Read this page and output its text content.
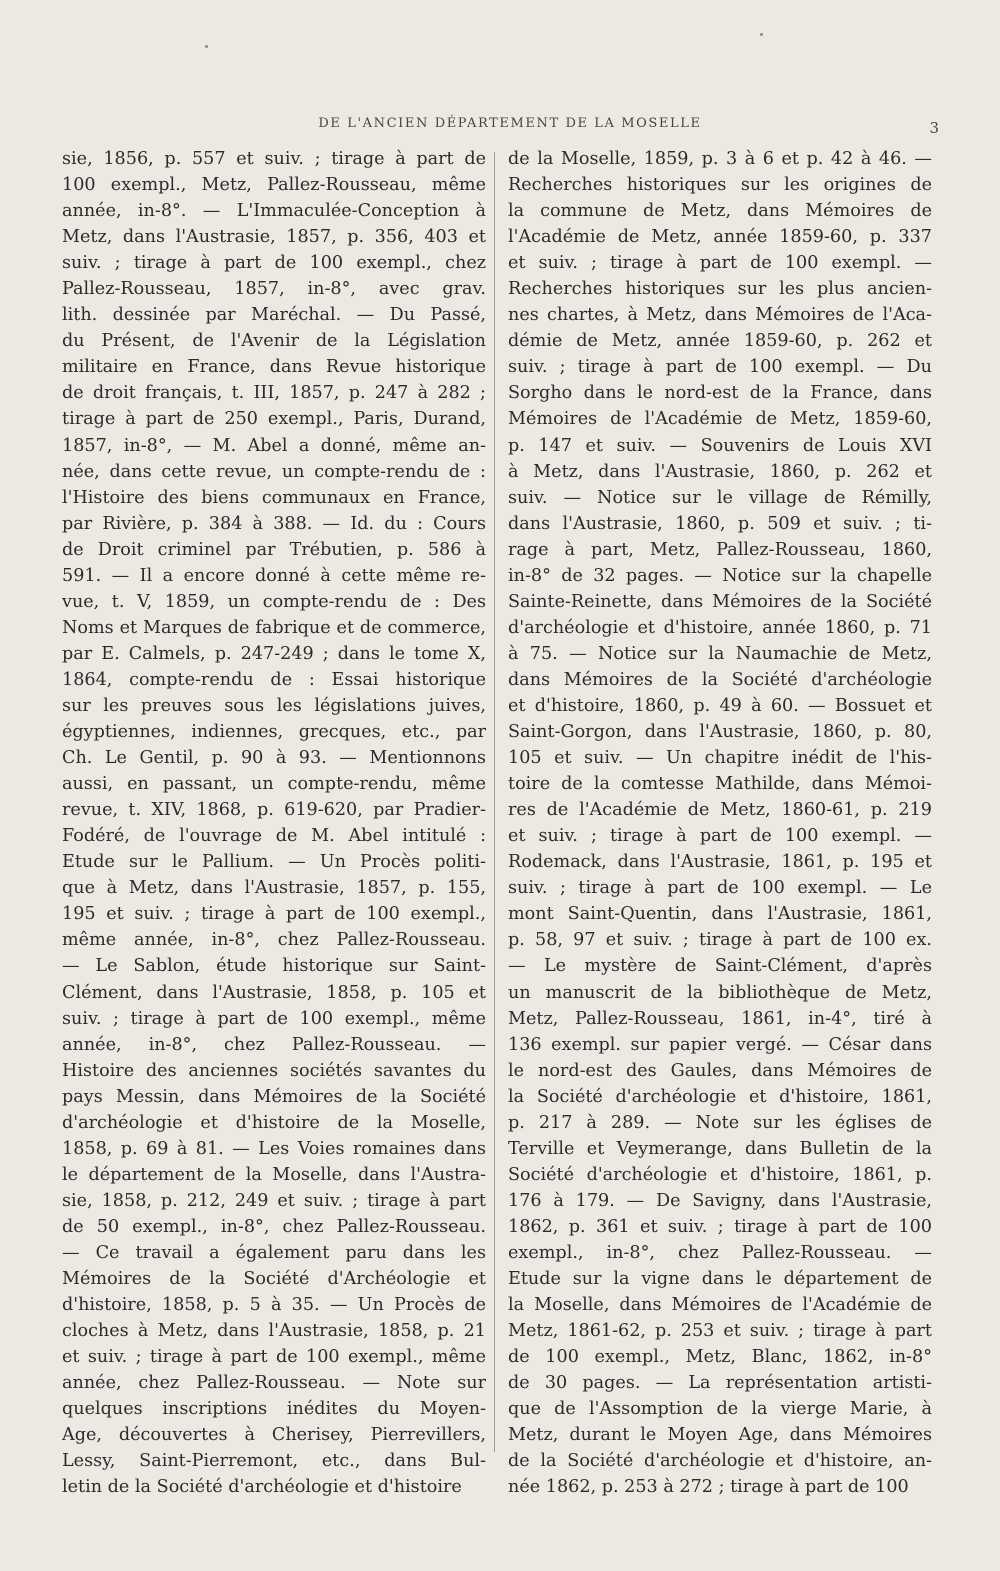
DE L'ANCIEN DÉPARTEMENT DE LA MOSELLE	3
sie, 1856, p. 557 et suiv. ; tirage à part de
100 exempl., Metz, Pallez-Rousseau, même
année, in-8°. — L'Immaculée-Conception à
Metz, dans l'Austrasie, 1857, p. 356, 403 et
suiv. ; tirage à part de 100 exempl., chez
Pallez-Rousseau, 1857, in-8°, avec grav.
lith. dessinée par Maréchal. — Du Passé,
du Présent, de l'Avenir de la Législation
militaire en France, dans Revue historique
de droit français, t. III, 1857, p. 247 à 282 ;
tirage à part de 250 exempl., Paris, Durand,
1857, in-8°, — M. Abel a donné, même an-
née, dans cette revue, un compte-rendu de :
l'Histoire des biens communaux en France,
par Rivière, p. 384 à 388. — Id. du : Cours
de Droit criminel par Trébutien, p. 586 à
591. — Il a encore donné à cette même re-
vue, t. V, 1859, un compte-rendu de : Des
Noms et Marques de fabrique et de commerce,
par E. Calmels, p. 247-249 ; dans le tome X,
1864, compte-rendu de : Essai historique
sur les preuves sous les législations juives,
égyptiennes, indiennes, grecques, etc., par
Ch. Le Gentil, p. 90 à 93. — Mentionnons
aussi, en passant, un compte-rendu, même
revue, t. XIV, 1868, p. 619-620, par Pradier-
Fodéré, de l'ouvrage de M. Abel intitulé :
Etude sur le Pallium. — Un Procès politi-
que à Metz, dans l'Austrasie, 1857, p. 155,
195 et suiv. ; tirage à part de 100 exempl.,
même année, in-8°, chez Pallez-Rousseau.
— Le Sablon, étude historique sur Saint-
Clément, dans l'Austrasie, 1858, p. 105 et
suiv. ; tirage à part de 100 exempl., même
année, in-8°, chez Pallez-Rousseau. —
Histoire des anciennes sociétés savantes du
pays Messin, dans Mémoires de la Société
d'archéologie et d'histoire de la Moselle,
1858, p. 69 à 81. — Les Voies romaines dans
le département de la Moselle, dans l'Austra-
sie, 1858, p. 212, 249 et suiv. ; tirage à part
de 50 exempl., in-8°, chez Pallez-Rousseau.
— Ce travail a également paru dans les
Mémoires de la Société d'Archéologie et
d'histoire, 1858, p. 5 à 35. — Un Procès de
cloches à Metz, dans l'Austrasie, 1858, p. 21
et suiv. ; tirage à part de 100 exempl., même
année, chez Pallez-Rousseau. — Note sur
quelques inscriptions inédites du Moyen-
Age, découvertes à Cherisey, Pierrevillers,
Lessy, Saint-Pierremont, etc., dans Bul-
letin de la Société d'archéologie et d'histoire
de la Moselle, 1859, p. 3 à 6 et p. 42 à 46. —
Recherches historiques sur les origines de
la commune de Metz, dans Mémoires de
l'Académie de Metz, année 1859-60, p. 337
et suiv. ; tirage à part de 100 exempl. —
Recherches historiques sur les plus ancien-
nes chartes, à Metz, dans Mémoires de l'Aca-
démie de Metz, année 1859-60, p. 262 et
suiv. ; tirage à part de 100 exempl. — Du
Sorgho dans le nord-est de la France, dans
Mémoires de l'Académie de Metz, 1859-60,
p. 147 et suiv. — Souvenirs de Louis XVI
à Metz, dans l'Austrasie, 1860, p. 262 et
suiv. — Notice sur le village de Rémilly,
dans l'Austrasie, 1860, p. 509 et suiv. ; ti-
rage à part, Metz, Pallez-Rousseau, 1860,
in-8° de 32 pages. — Notice sur la chapelle
Sainte-Reinette, dans Mémoires de la Société
d'archéologie et d'histoire, année 1860, p. 71
à 75. — Notice sur la Naumachie de Metz,
dans Mémoires de la Société d'archéologie
et d'histoire, 1860, p. 49 à 60. — Bossuet et
Saint-Gorgon, dans l'Austrasie, 1860, p. 80,
105 et suiv. — Un chapitre inédit de l'his-
toire de la comtesse Mathilde, dans Mémoi-
res de l'Académie de Metz, 1860-61, p. 219
et suiv. ; tirage à part de 100 exempl. —
Rodemack, dans l'Austrasie, 1861, p. 195 et
suiv. ; tirage à part de 100 exempl. — Le
mont Saint-Quentin, dans l'Austrasie, 1861,
p. 58, 97 et suiv. ; tirage à part de 100 ex.
— Le mystère de Saint-Clément, d'après
un manuscrit de la bibliothèque de Metz,
Metz, Pallez-Rousseau, 1861, in-4°, tiré à
136 exempl. sur papier vergé. — César dans
le nord-est des Gaules, dans Mémoires de
la Société d'archéologie et d'histoire, 1861,
p. 217 à 289. — Note sur les églises de
Terville et Veymerange, dans Bulletin de la
Société d'archéologie et d'histoire, 1861, p.
176 à 179. — De Savigny, dans l'Austrasie,
1862, p. 361 et suiv. ; tirage à part de 100
exempl., in-8°, chez Pallez-Rousseau. —
Etude sur la vigne dans le département de
la Moselle, dans Mémoires de l'Académie de
Metz, 1861-62, p. 253 et suiv. ; tirage à part
de 100 exempl., Metz, Blanc, 1862, in-8°
de 30 pages. — La représentation artisti-
que de l'Assomption de la vierge Marie, à
Metz, durant le Moyen Age, dans Mémoires
de la Société d'archéologie et d'histoire, an-
née 1862, p. 253 à 272 ; tirage à part de 100
